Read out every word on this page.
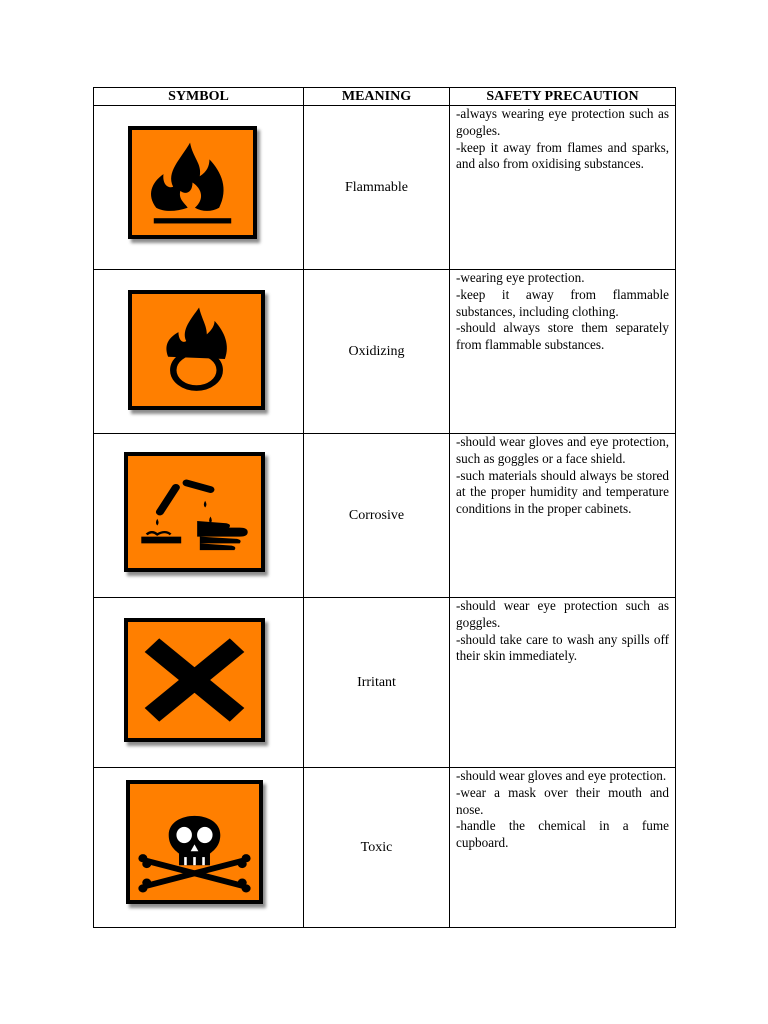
SYMBOL	MEANING	SAFETY PRECAUTION

	Flammable	-always wearing eye protection such as googles.
-keep it away from flames and sparks, and also from oxidising substances.

	Oxidizing	-wearing eye protection.
-keep it away from flammable substances, including clothing.
-should always store them separately from flammable substances.

	Corrosive	-should wear gloves and eye protection, such as goggles or a face shield.
-such materials should always be stored at the proper humidity and temperature conditions in the proper cabinets.

	Irritant	-should wear eye protection such as goggles.
-should take care to wash any spills off their skin immediately.

	Toxic	-should wear gloves and eye protection.
-wear a mask over their mouth and nose.
-handle the chemical in a fume cupboard.
